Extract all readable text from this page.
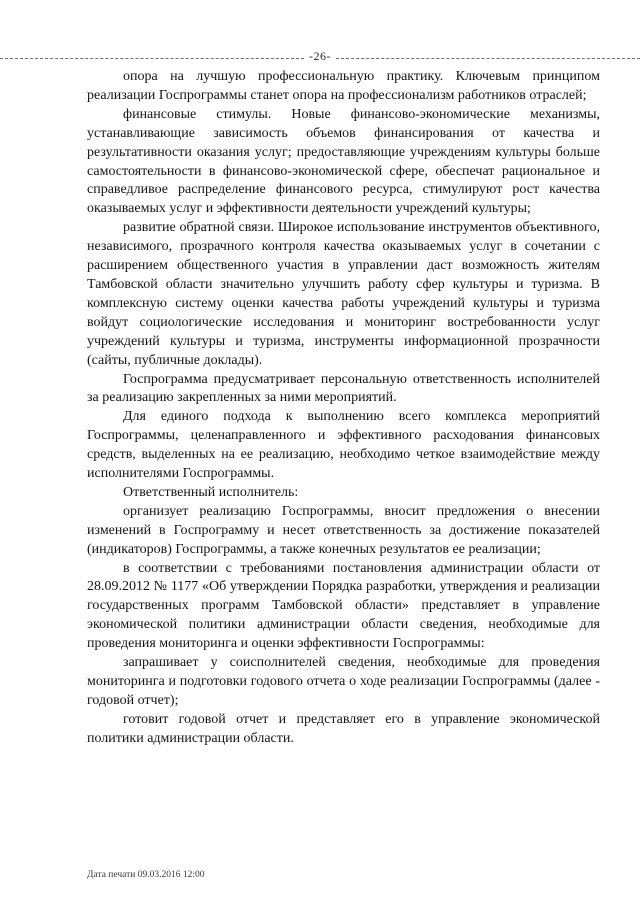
-26-

опора на лучшую профессиональную практику. Ключевым принципом реализации Госпрограммы станет опора на профессионализм работников отраслей;

финансовые стимулы. Новые финансово-экономические механизмы, устанавливающие зависимость объемов финансирования от качества и результативности оказания услуг; предоставляющие учреждениям культуры больше самостоятельности в финансово-экономической сфере, обеспечат рациональное и справедливое распределение финансового ресурса, стимулируют рост качества оказываемых услуг и эффективности деятельности учреждений культуры;

развитие обратной связи. Широкое использование инструментов объективного, независимого, прозрачного контроля качества оказываемых услуг в сочетании с расширением общественного участия в управлении даст возможность жителям Тамбовской области значительно улучшить работу сфер культуры и туризма. В комплексную систему оценки качества работы учреждений культуры и туризма войдут социологические исследования и мониторинг востребованности услуг учреждений культуры и туризма, инструменты информационной прозрачности (сайты, публичные доклады).

Госпрограмма предусматривает персональную ответственность исполнителей за реализацию закрепленных за ними мероприятий.

Для единого подхода к выполнению всего комплекса мероприятий Госпрограммы, целенаправленного и эффективного расходования финансовых средств, выделенных на ее реализацию, необходимо четкое взаимодействие между исполнителями Госпрограммы.

Ответственный исполнитель:

организует реализацию Госпрограммы, вносит предложения о внесении изменений в Госпрограмму и несет ответственность за достижение показателей (индикаторов) Госпрограммы, а также конечных результатов ее реализации;

в соответствии с требованиями постановления администрации области от 28.09.2012 № 1177 «Об утверждении Порядка разработки, утверждения и реализации государственных программ Тамбовской области» представляет в управление экономической политики администрации области сведения, необходимые для проведения мониторинга и оценки эффективности Госпрограммы:

запрашивает у соисполнителей сведения, необходимые для проведения мониторинга и подготовки годового отчета о ходе реализации Госпрограммы (далее - годовой отчет);

готовит годовой отчет и представляет его в управление экономической политики администрации области.

Дата печати 09.03.2016 12:00
